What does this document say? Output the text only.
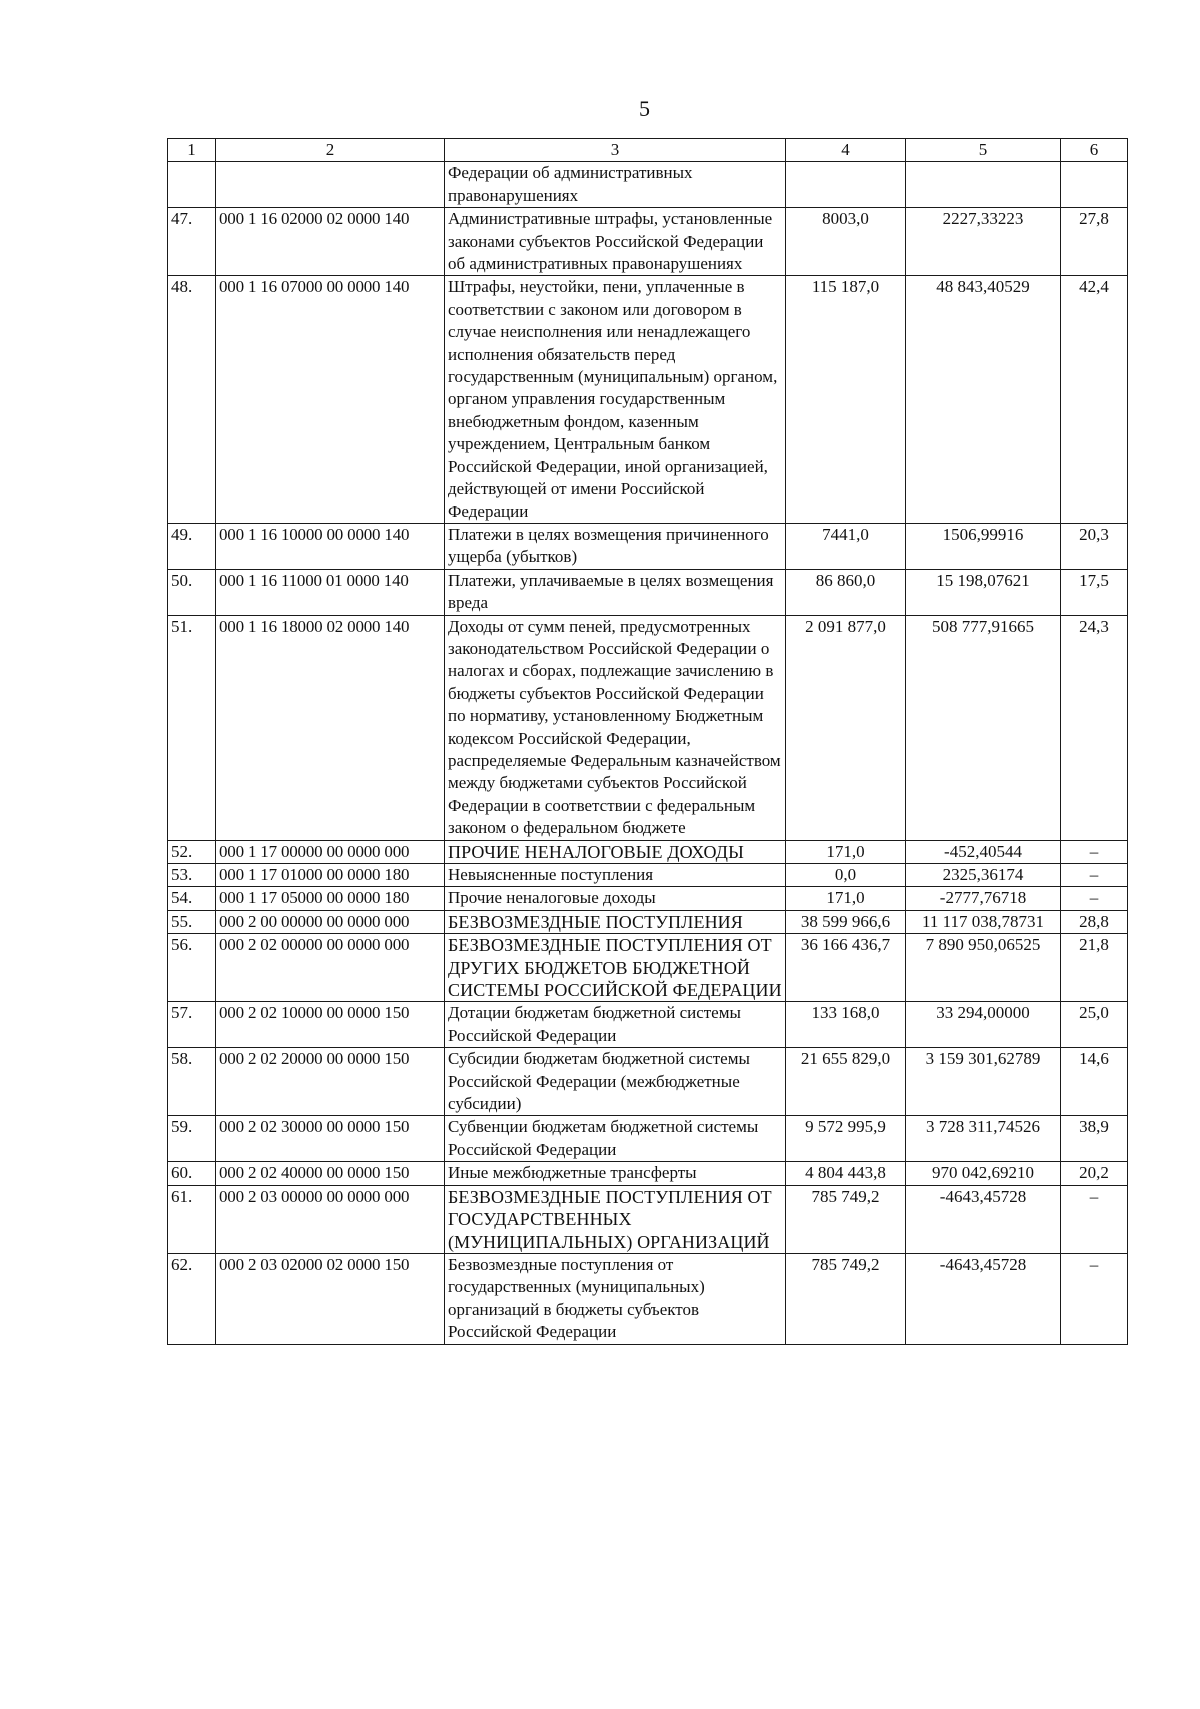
5
1	2	3	4	5	6
		Федерации об административных правонарушениях			
47.	000 1 16 02000 02 0000 140	Административные штрафы, установленные законами субъектов Российской Федерации об административных правонарушениях	8003,0	2227,33223	27,8
48.	000 1 16 07000 00 0000 140	Штрафы, неустойки, пени, уплаченные в соответствии с законом или договором в случае неисполнения или ненадлежащего исполнения обязательств перед государственным (муниципальным) органом, органом управления государственным внебюджетным фондом, казенным учреждением, Центральным банком Российской Федерации, иной организацией, действующей от имени Российской Федерации	115 187,0	48 843,40529	42,4
49.	000 1 16 10000 00 0000 140	Платежи в целях возмещения причиненного ущерба (убытков)	7441,0	1506,99916	20,3
50.	000 1 16 11000 01 0000 140	Платежи, уплачиваемые в целях возмещения вреда	86 860,0	15 198,07621	17,5
51.	000 1 16 18000 02 0000 140	Доходы от сумм пеней, предусмотренных законодательством Российской Федерации о налогах и сборах, подлежащие зачислению в бюджеты субъектов Российской Федерации по нормативу, установленному Бюджетным кодексом Российской Федерации, распределяемые Федеральным казначейством между бюджетами субъектов Российской Федерации в соответствии с федеральным законом о федеральном бюджете	2 091 877,0	508 777,91665	24,3
52.	000 1 17 00000 00 0000 000	ПРОЧИЕ НЕНАЛОГОВЫЕ ДОХОДЫ	171,0	-452,40544	–
53.	000 1 17 01000 00 0000 180	Невыясненные поступления	0,0	2325,36174	–
54.	000 1 17 05000 00 0000 180	Прочие неналоговые доходы	171,0	-2777,76718	–
55.	000 2 00 00000 00 0000 000	БЕЗВОЗМЕЗДНЫЕ ПОСТУПЛЕНИЯ	38 599 966,6	11 117 038,78731	28,8
56.	000 2 02 00000 00 0000 000	БЕЗВОЗМЕЗДНЫЕ ПОСТУПЛЕНИЯ ОТ ДРУГИХ БЮДЖЕТОВ БЮДЖЕТНОЙ СИСТЕМЫ РОССИЙСКОЙ ФЕДЕРАЦИИ	36 166 436,7	7 890 950,06525	21,8
57.	000 2 02 10000 00 0000 150	Дотации бюджетам бюджетной системы Российской Федерации	133 168,0	33 294,00000	25,0
58.	000 2 02 20000 00 0000 150	Субсидии бюджетам бюджетной системы Российской Федерации (межбюджетные субсидии)	21 655 829,0	3 159 301,62789	14,6
59.	000 2 02 30000 00 0000 150	Субвенции бюджетам бюджетной системы Российской Федерации	9 572 995,9	3 728 311,74526	38,9
60.	000 2 02 40000 00 0000 150	Иные межбюджетные трансферты	4 804 443,8	970 042,69210	20,2
61.	000 2 03 00000 00 0000 000	БЕЗВОЗМЕЗДНЫЕ ПОСТУПЛЕНИЯ ОТ ГОСУДАРСТВЕННЫХ (МУНИЦИПАЛЬНЫХ) ОРГАНИЗАЦИЙ	785 749,2	-4643,45728	–
62.	000 2 03 02000 02 0000 150	Безвозмездные поступления от государственных (муниципальных) организаций в бюджеты субъектов Российской Федерации	785 749,2	-4643,45728	–
